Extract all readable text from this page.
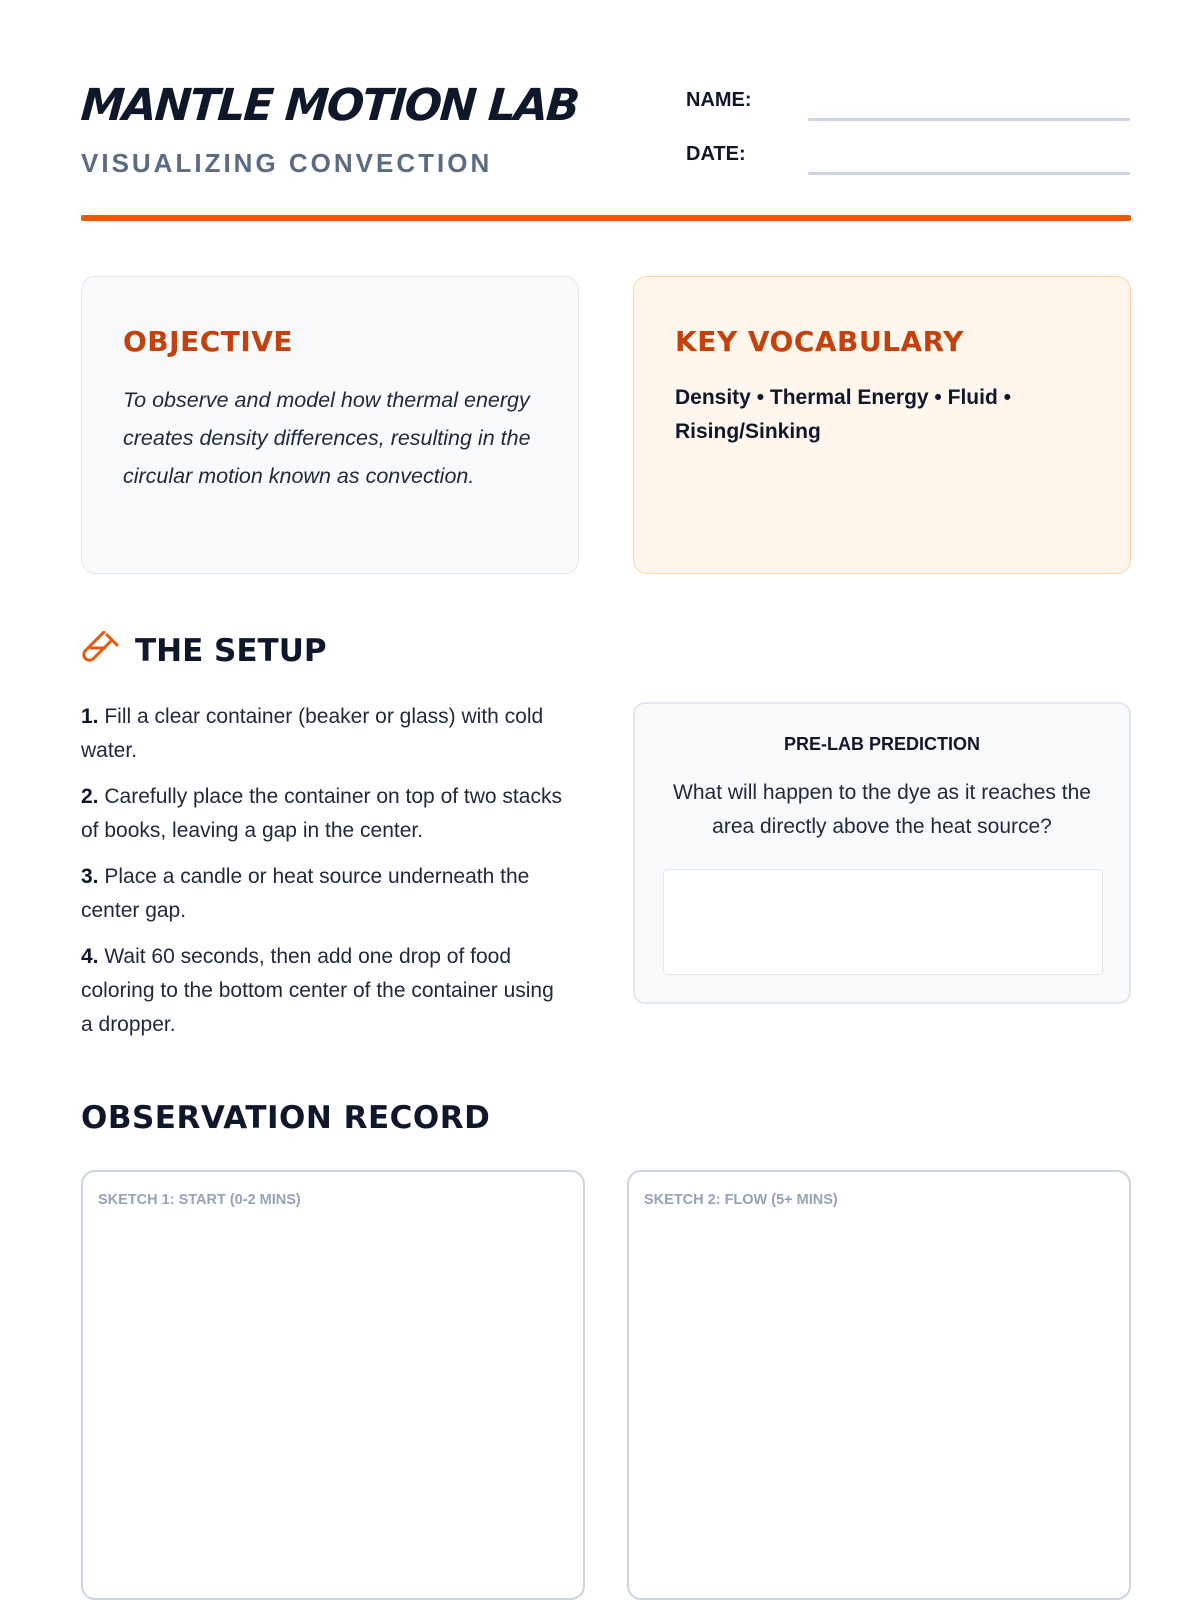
MANTLE MOTION LAB
VISUALIZING CONVECTION
NAME:
DATE:
OBJECTIVE
To observe and model how thermal energy creates density differences, resulting in the circular motion known as convection.
KEY VOCABULARY
Density • Thermal Energy • Fluid • Rising/Sinking
THE SETUP
1. Fill a clear container (beaker or glass) with cold water.
2. Carefully place the container on top of two stacks of books, leaving a gap in the center.
3. Place a candle or heat source underneath the center gap.
4. Wait 60 seconds, then add one drop of food coloring to the bottom center of the container using a dropper.
PRE-LAB PREDICTION
What will happen to the dye as it reaches the area directly above the heat source?
OBSERVATION RECORD
SKETCH 1: START (0-2 MINS)	SKETCH 2: FLOW (5+ MINS)
